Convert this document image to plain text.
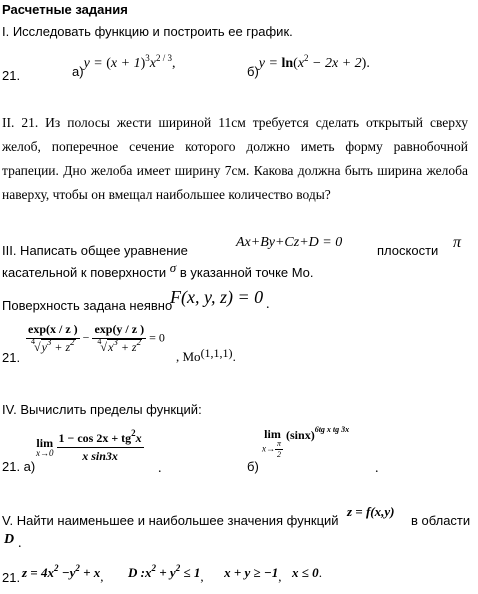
Расчетные задания
I. Исследовать функцию и построить ее график.
21.	$а)y = (x + 1)^3x^{2 / 3}$,
$б)y = \ln(x^2 - 2x + 2)$.

II. 21. Из полосы жести шириной 11см требуется сделать открытый сверху желоб, поперечное сечение которого должно иметь форму равнобочной трапеции. Дно желоба имеет ширину 7см. Какова должна быть ширина желоба наверху, чтобы он вмещал наибольшее количество воды?

III. Написать общее уравнение
Ax+By+Cz+D = 0
плоскости π
касательной к поверхности σ в указанной точке Mo.
Поверхность задана неявно
F(x, y, z) = 0 .
21.
$\frac{\exp(x / z )}{^4√y^3 + z^2} - \frac{\exp(y / z )}{^4√x^3 + z^2} = 0$
, Mo(1,1,1).
IV. Вычислить пределы функций:
21. а)
lim
x→0
$\frac{1 - \cos 2x + tg^2x}{\text{x sin3x}}$
.	б)
lim
$x\to \frac{\pi}{2}$
$(\sin x)^{6tg x tg 3x}$
.
V. Найти наименьшее и наибольшее значения функций
z = f(x,y)
в области
D .
21. $z = 4x^2 -y^2 + x$, D $:x^2 + y^2 \le 1$, x + y ≥ −1, x ≤ 0.
